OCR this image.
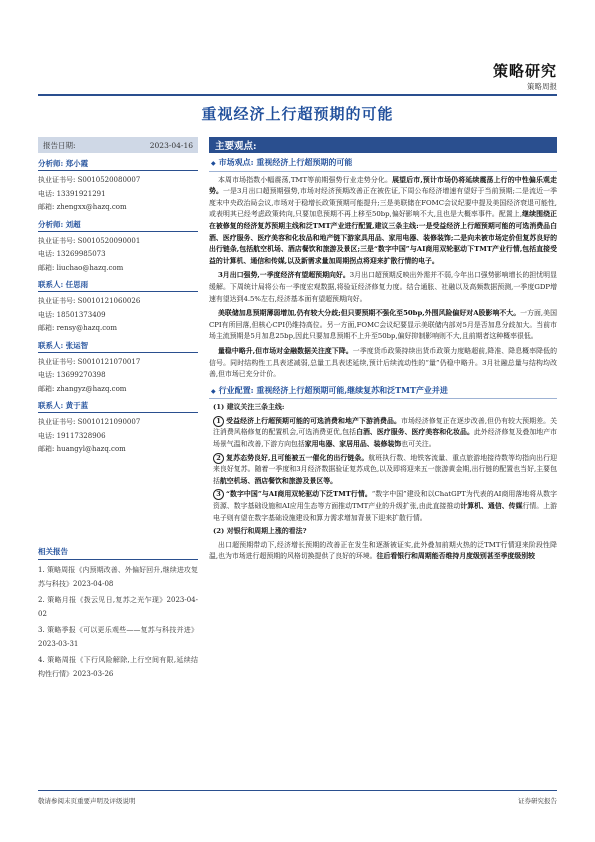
策略研究
策略周报
重视经济上行超预期的可能
报告日期:	2023-04-16
分析师: 郑小霞
执业证书号: S0010520080007
电话: 13391921291
邮箱: zhengxx@hazq.com
分析师: 刘超
执业证书号: S0010520090001
电话: 13269985073
邮箱: liuchao@hazq.com
联系人: 任思雨
执业证书号: S0010121060026
电话: 18501373409
邮箱: rensy@hazq.com
联系人: 张运智
执业证书号: S0010121070017
电话: 13699270398
邮箱: zhangyz@hazq.com
联系人: 黄于蓝
执业证书号: S0010121090007
电话: 19117328906
邮箱: huangyl@hazq.com
相关报告
1. 策略周报《内预期改善、外偏好回升,继续进攻复苏与科技》2023-04-08
2. 策略月报《拨云见日,复苏之光乍现》2023-04-02
3. 策略季报《可以更乐观些——复苏与科技并进》2023-03-31
4. 策略周报《下行风险解除,上行空间有限,延续结构性行情》2023-03-26
主要观点:
◆ 市场观点: 重视经济上行超预期的可能
本周市场指数小幅震荡,TMT等前期强势行业走势分化。展望后市,预计市场仍将延续震荡上行的中性偏乐观走势。一是3月出口超预期强势,市场对经济预期改善正在被佐证,下周公布经济增速有望好于当前预期;二是流近一季度末中央政治局会议,市场对于稳增长政策预期可能提升;三是美联储在FOMC会议纪要中提及美国经济衰退可能性,或表明其已经考虑政策转向,只要加息预期不再上移至50bp,偏好影响不大,且也是大概率事件。配置上,继续围绕正在被修复的经济复苏预期主线和泛TMT产业进行配置,建议三条主线:一是受益经济上行超预期可能的可选消费品白酒、医疗服务、医疗美容和化妆品和地产链下游家具用品、家用电器、装修装饰;二是向未被市场定价但复苏良好的出行链条,包括航空机场、酒店餐饮和旅游及景区;三是“数字中国”与AI商用双轮驱动下TMT产业行情,包括直接受益的计算机、通信和传媒,以及新需求量加周期拐点将迎来扩散行情的电子。
3月出口强势,一季度经济有望超预期向好。3月出口超预期反映出外需并不弱,今年出口强势影响增长的担忧明显缓解。下周统计局将公布一季度宏观数据,将验证经济修复力度。结合通胀、社融以及高频数据预测,一季度GDP增速有望达到4.5%左右,经济基本面有望超预期向好。
美联储加息预期薄弱增加,仍有较大分歧;但只要预期不强化至50bp,外围风险偏好对A股影响不大。一方面,美国CPI有所回落,但核心CPI仍维持高位。另一方面,FOMC会议纪要显示美联储内部对5月是否加息分歧加大。当前市场主流预期是5月加息25bp,因此只要加息预期不上升至50bp,偏好抑制影响则不大,且前期者这种概率很低。
量稳中略升,但市场对金融数据关注度下降。一季度货币政策持续出货币政策力度略超前,降准、降息概率降低的信号。同时结构性工具表述减弱,总量工具表述延续,预计后续流动性的“量”仍稳中略升。3月社融总量与结构均改善,但市场已充分计价。
◆ 行业配置: 重视经济上行超预期可能,继续复苏和泛TMT产业并进
(1) 建议关注三条主线:
1 受益经济上行超预期可能的可选消费和地产下游消费品。市场经济修复正在逐步改善,但仍有较大预期差。关注消费风格修复的配置机会,可选消费更优,包括白酒、医疗服务、医疗美容和化妆品。此外经济修复及叠加地产市场景气温和改善,下游方向包括家用电器、家居用品、装修装饰也可关注。
2 复苏态势良好,且可能被五一催化的出行链条。航班执行数、地铁客流量、重点旅游地接待数等均指向出行迎来良好复苏。随着一季度和3月经济数据验证复苏成色,以及即将迎来五一旅游黄金期,出行链的配置也当好,主要包括航空机场、酒店餐饮和旅游及景区等。
3 “数字中国”与AI商用双轮驱动下泛TMT行情。“数字中国”建设和以ChatGPT为代表的AI商用落地将从数字资源、数字基础设施和AI应用生态等方面推动TMT产业的升级扩张,由此直接推动计算机、通信、传媒行情。上游电子则有望在数字基础设施建设和算力需求增加背景下迎来扩散行情。
(2) 对银行和周期上涨的看法?
出口超预期带动下,经济增长预期的改善正在发生和逐渐被证实,此外叠加前期火热的泛TMT行情迎来阶段性降温,也为市场进行超预期的风格切换提供了良好的环境。往后看银行和周期能否维持月度级别甚至季度级别较
敬请参阅末页重要声明及评级说明	证券研究报告
